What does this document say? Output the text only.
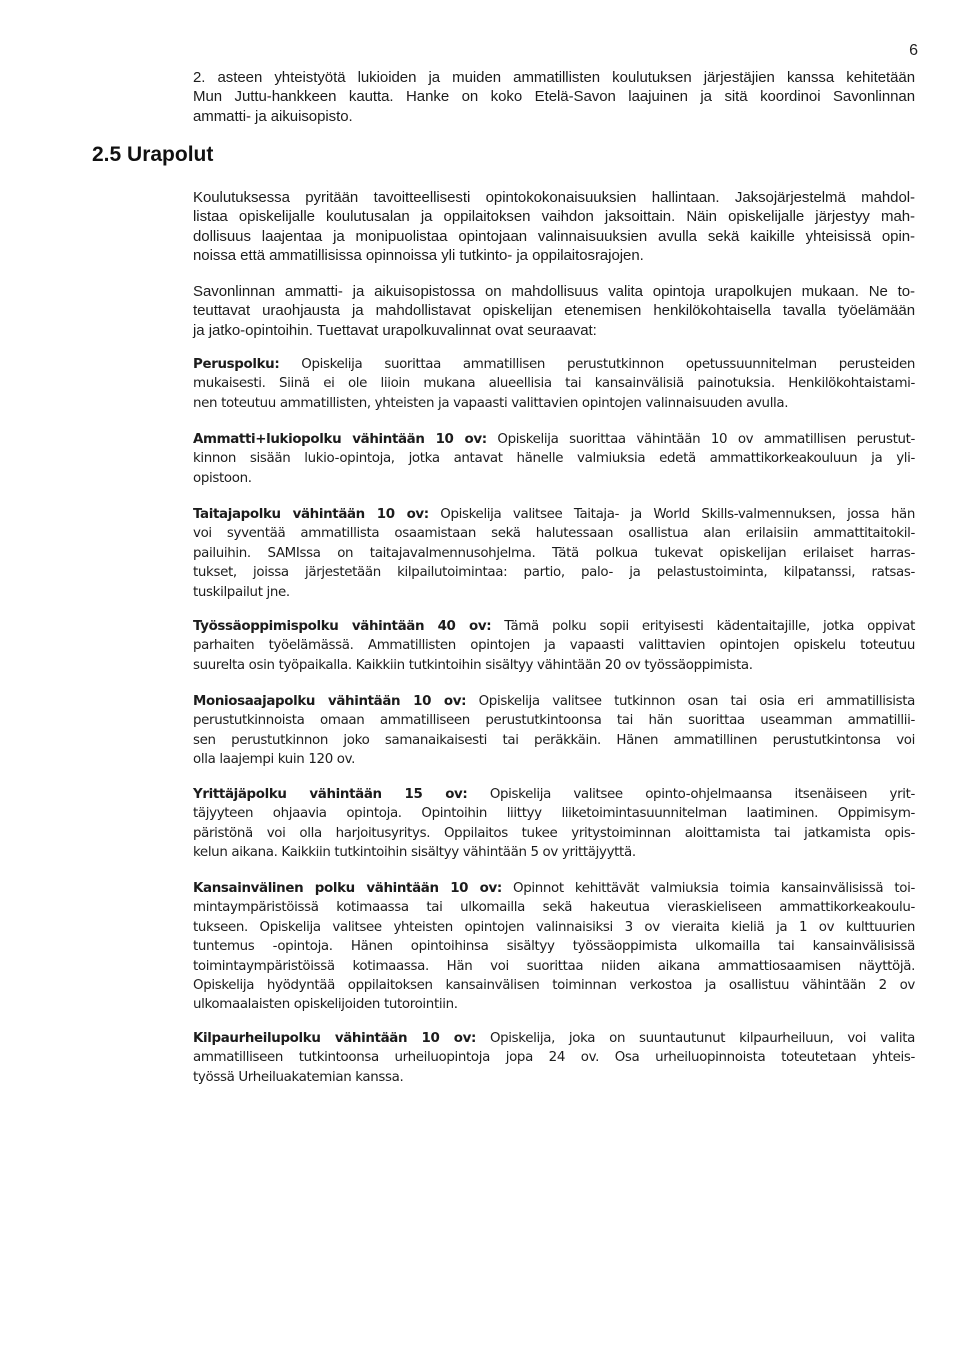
6
2.5 Urapolut
2. asteen yhteistyötä lukioiden ja muiden ammatillisten koulutuksen järjestäjien kanssa kehitetään
Mun Juttu-hankkeen kautta. Hanke on koko Etelä-Savon laajuinen ja sitä koordinoi Savonlinnan
ammatti- ja aikuisopisto.
Koulutuksessa pyritään tavoitteellisesti opintokokonaisuuksien hallintaan. Jaksojärjestelmä mahdol-
listaa opiskelijalle koulutusalan ja oppilaitoksen vaihdon jaksoittain. Näin opiskelijalle järjestyy mah-
dollisuus laajentaa ja monipuolistaa opintojaan valinnaisuuksien avulla sekä kaikille yhteisissä opin-
noissa että ammatillisissa opinnoissa yli tutkinto- ja oppilaitosrajojen.
Savonlinnan ammatti- ja aikuisopistossa on mahdollisuus valita opintoja urapolkujen mukaan. Ne to-
teuttavat uraohjausta ja mahdollistavat opiskelijan etenemisen henkilökohtaisella tavalla työelämään
ja jatko-opintoihin. Tuettavat urapolkuvalinnat ovat seuraavat:
Peruspolku: Opiskelija suorittaa ammatillisen perustutkinnon opetussuunnitelman perusteiden
mukaisesti. Siinä ei ole liioin mukana alueellisia tai kansainvälisiä painotuksia. Henkilökohtaistami-
nen toteutuu ammatillisten, yhteisten ja vapaasti valittavien opintojen valinnaisuuden avulla.
Ammatti+lukiopolku vähintään 10 ov: Opiskelija suorittaa vähintään 10 ov ammatillisen perustut-
kinnon sisään lukio-opintoja, jotka antavat hänelle valmiuksia edetä ammattikorkeakouluun ja yli-
opistoon.
Taitajapolku vähintään 10 ov: Opiskelija valitsee Taitaja- ja World Skills-valmennuksen, jossa hän
voi syventää ammatillista osaamistaan sekä halutessaan osallistua alan erilaisiin ammattitaitokil-
pailuihin. SAMIssa on taitajavalmennusohjelma. Tätä polkua tukevat opiskelijan erilaiset harras-
tukset, joissa järjestetään kilpailutoimintaa: partio, palo- ja pelastustoiminta, kilpatanssi, ratsas-
tuskilpailut jne.
Työssäoppimispolku vähintään 40 ov: Tämä polku sopii erityisesti kädentaitajille, jotka oppivat
parhaiten työelämässä. Ammatillisten opintojen ja vapaasti valittavien opintojen opiskelu toteutuu
suurelta osin työpaikalla. Kaikkiin tutkintoihin sisältyy vähintään 20 ov työssäoppimista.
Moniosaajapolku vähintään 10 ov: Opiskelija valitsee tutkinnon osan tai osia eri ammatillisista
perustutkinnoista omaan ammatilliseen perustutkintoonsa tai hän suorittaa useamman ammatillii-
sen perustutkinnon joko samanaikaisesti tai peräkkäin. Hänen ammatillinen perustutkintonsa voi
olla laajempi kuin 120 ov.
Yrittäjäpolku vähintään 15 ov: Opiskelija valitsee opinto-ohjelmaansa itsenäiseen yrit-
täjyyteen ohjaavia opintoja. Opintoihin liittyy liiketoimintasuunnitelman laatiminen. Oppimisym-
päristönä voi olla harjoitusyritys. Oppilaitos tukee yritystoiminnan aloittamista tai jatkamista opis-
kelun aikana. Kaikkiin tutkintoihin sisältyy vähintään 5 ov yrittäjyyttä.
Kansainvälinen polku vähintään 10 ov: Opinnot kehittävät valmiuksia toimia kansainvälisissä toi-
mintaympäristöissä kotimaassa tai ulkomailla sekä hakeutua vieraskieliseen ammattikorkeakoulu-
tukseen. Opiskelija valitsee yhteisten opintojen valinnaisiksi 3 ov vieraita kieliä ja 1 ov kulttuurien
tuntemus -opintoja. Hänen opintoihinsa sisältyy työssäoppimista ulkomailla tai kansainvälisissä
toimintaympäristöissä kotimaassa. Hän voi suorittaa niiden aikana ammattiosaamisen näyttöjä.
Opiskelija hyödyntää oppilaitoksen kansainvälisen toiminnan verkostoa ja osallistuu vähintään 2 ov
ulkomaalaisten opiskelijoiden tutorointiin.
Kilpaurheilupolku vähintään 10 ov: Opiskelija, joka on suuntautunut kilpaurheiluun, voi valita
ammatilliseen tutkintoonsa urheiluopintoja jopa 24 ov. Osa urheiluopinnoista toteutetaan yhteis-
työssä Urheiluakatemian kanssa.
